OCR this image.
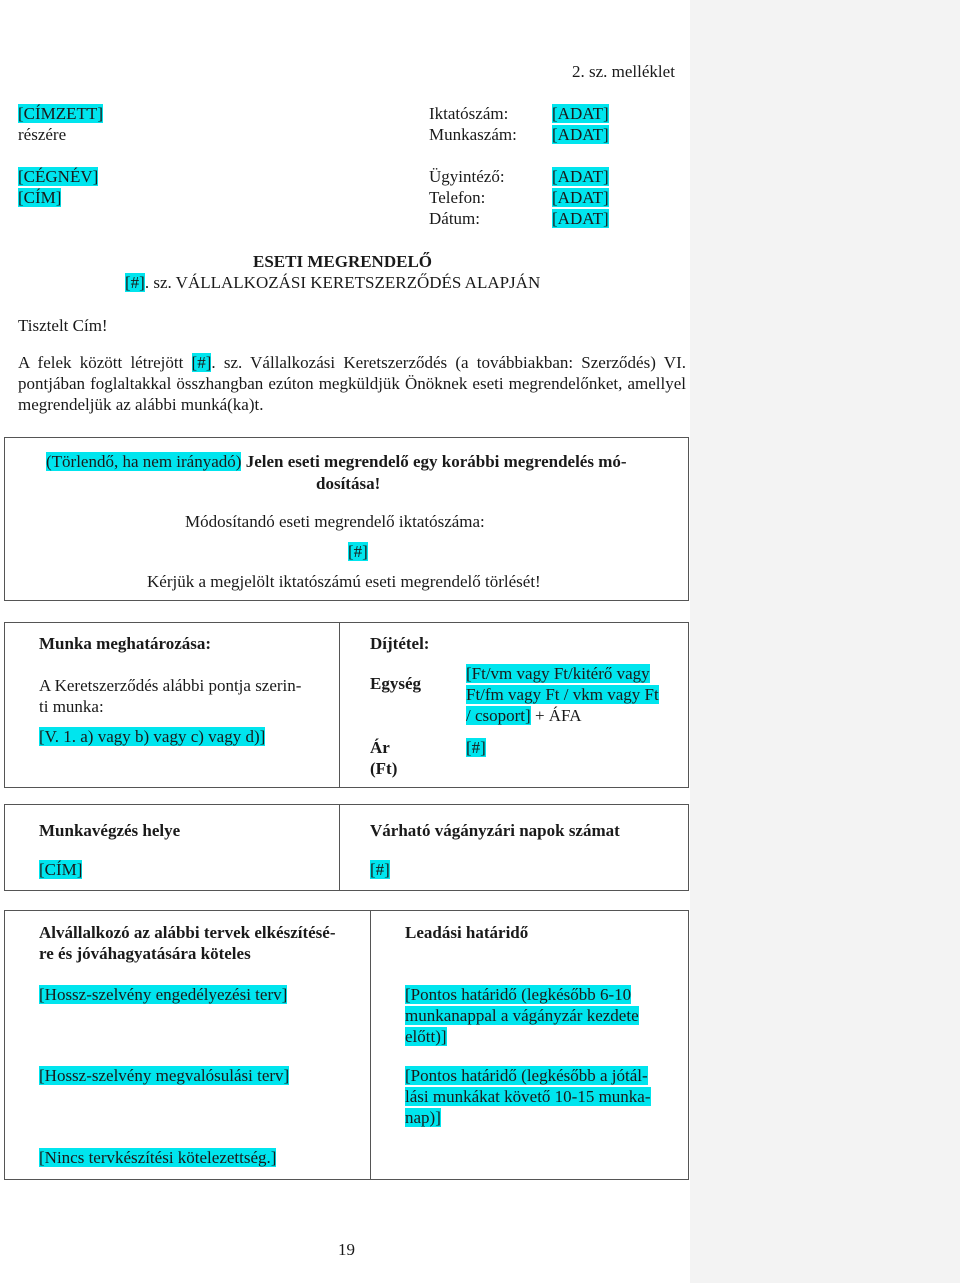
2. sz. melléklet
[CÍMZETT]
részére
[CÉGNÉV]
[CÍM]
Iktatószám:	[ADAT]
Munkaszám: [ADAT]
Ügyintéző:	[ADAT]
Telefon:	[ADAT]
Dátum:	[ADAT]
ESETI MEGRENDELŐ
[#]. sz. VÁLLALKOZÁSI KERETSZERZŐDÉS ALAPJÁN
Tisztelt Cím!
A felek között létrejött [#]. sz. Vállalkozási Keretszerződés (a továbbiakban: Szerződés) VI. pontjában foglaltakkal összhangban ezúton megküldjük Önöknek eseti megrendelőnket, amellyel megrendeljük az alábbi munká(ka)t.
(Törlendő, ha nem irányadó) Jelen eseti megrendelő egy korábbi megrendelés mó-
dosítása!
Módosítandó eseti megrendelő iktatószáma:
[#]
Kérjük a megjelölt iktatószámú eseti megrendelő törlését!
Munka meghatározása:	Díjtétel:
A Keretszerződés alábbi pontja szerin-
ti munka:
[V. 1. a) vagy b) vagy c) vagy d)]
Egység
[Ft/vm vagy Ft/kitérő vagy
Ft/fm vagy Ft / vkm vagy Ft
/ csoport] + ÁFA
Ár
(Ft)
[#]
Munkavégzés helye	Várható vágányzári napok számat
[CÍM]	[#]
Alvállalkozó az alábbi tervek elkészítésé-
re és jóváhagyatására köteles
Leadási határidő
[Hossz-szelvény engedélyezési terv]	[Pontos határidő (legkésőbb 6-10
munkanappal a vágányzár kezdete
előtt)]
[Hossz-szelvény megvalósulási terv]	[Pontos határidő (legkésőbb a jótál-
lási munkákat követő 10-15 munka-
nap)]
[Nincs tervkészítési kötelezettség.]
19
